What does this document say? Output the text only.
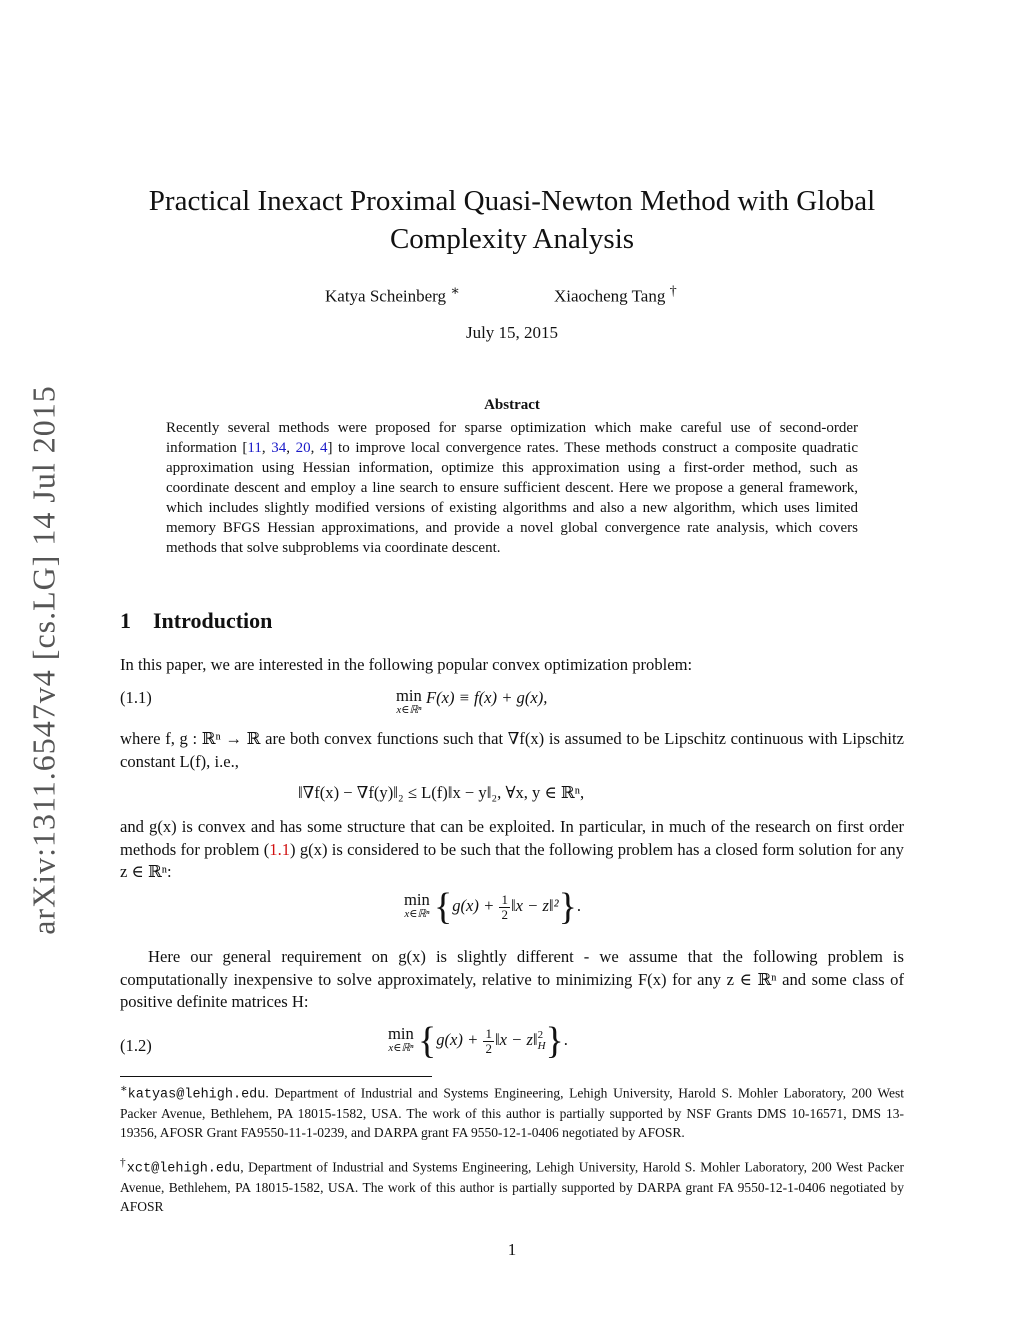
arXiv:1311.6547v4 [cs.LG] 14 Jul 2015
Practical Inexact Proximal Quasi-Newton Method with Global Complexity Analysis
Katya Scheinberg ∗	Xiaocheng Tang †
July 15, 2015
Abstract
Recently several methods were proposed for sparse optimization which make careful use of second-order information [11, 34, 20, 4] to improve local convergence rates. These methods construct a composite quadratic approximation using Hessian information, optimize this approximation using a first-order method, such as coordinate descent and employ a line search to ensure sufficient descent. Here we propose a general framework, which includes slightly modified versions of existing algorithms and also a new algorithm, which uses limited memory BFGS Hessian approximations, and provide a novel global convergence rate analysis, which covers methods that solve subproblems via coordinate descent.
1 Introduction
In this paper, we are interested in the following popular convex optimization problem:
(1.1)	min
x∈ℝⁿ
F(x) ≡ f(x) + g(x),
where f, g : ℝⁿ → ℝ are both convex functions such that ∇f(x) is assumed to be Lipschitz continuous with Lipschitz constant L(f), i.e.,
‖∇f(x) − ∇f(y)‖₂ ≤ L(f)‖x − y‖₂, ∀x, y ∈ ℝⁿ,
and g(x) is convex and has some structure that can be exploited. In particular, in much of the research on first order methods for problem (1.1) g(x) is considered to be such that the following problem has a closed form solution for any z ∈ ℝⁿ:
min
x∈ℝⁿ {$g(x) + \frac{1}{2}$ ‖x − z‖²}.
Here our general requirement on g(x) is slightly different - we assume that the following problem is computationally inexpensive to solve approximately, relative to minimizing F(x) for any z ∈ ℝⁿ and some class of positive definite matrices H:
(1.2)
min
x∈ℝⁿ {$g(x) + \frac{1}{2}$ ‖x − z‖ 2
H }.
∗katyas@lehigh.edu. Department of Industrial and Systems Engineering, Lehigh University, Harold S. Mohler Laboratory, 200 West Packer Avenue, Bethlehem, PA 18015-1582, USA. The work of this author is partially supported by NSF Grants DMS 10-16571, DMS 13-19356, AFOSR Grant FA9550-11-1-0239, and DARPA grant FA 9550-12-1-0406 negotiated by AFOSR.
†xct@lehigh.edu, Department of Industrial and Systems Engineering, Lehigh University, Harold S. Mohler Laboratory, 200 West Packer Avenue, Bethlehem, PA 18015-1582, USA. The work of this author is partially supported by DARPA grant FA 9550-12-1-0406 negotiated by AFOSR
1
